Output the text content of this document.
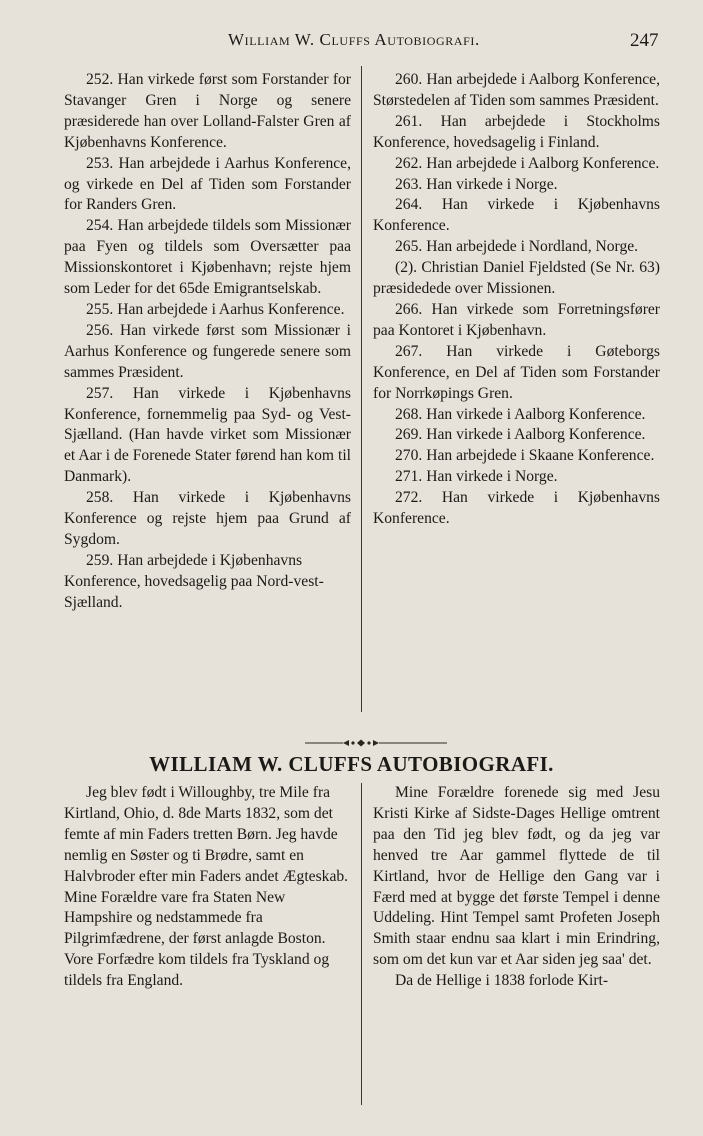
William W. Cluffs Autobiografi.	247

252. Han virkede først som Forstander for Stavanger Gren i Norge og senere præsiderede han over Lolland-Falster Gren af Kjøbenhavns Konference.

253. Han arbejdede i Aarhus Konference, og virkede en Del af Tiden som Forstander for Randers Gren.

254. Han arbejdede tildels som Missionær paa Fyen og tildels som Oversætter paa Missionskontoret i Kjøbenhavn; rejste hjem som Leder for det 65de Emigrantselskab.

255. Han arbejdede i Aarhus Konference.

256. Han virkede først som Missionær i Aarhus Konference og fungerede senere som sammes Præsident.

257. Han virkede i Kjøbenhavns Konference, fornemmelig paa Syd- og Vest-Sjælland. (Han havde virket som Missionær et Aar i de Forenede Stater førend han kom til Danmark).

258. Han virkede i Kjøbenhavns Konference og rejste hjem paa Grund af Sygdom.

259. Han arbejdede i Kjøbenhavns Konference, hovedsagelig paa Nord-vest-Sjælland.

260. Han arbejdede i Aalborg Konference, Størstedelen af Tiden som sammes Præsident.

261. Han arbejdede i Stockholms Konference, hovedsagelig i Finland.

262. Han arbejdede i Aalborg Konference.

263. Han virkede i Norge.

264. Han virkede i Kjøbenhavns Konference.

265. Han arbejdede i Nordland, Norge.

(2). Christian Daniel Fjeldsted (Se Nr. 63) præsidedede over Missionen.

266. Han virkede som Forretningsfører paa Kontoret i Kjøbenhavn.

267. Han virkede i Gøteborgs Konference, en Del af Tiden som Forstander for Norrkøpings Gren.

268. Han virkede i Aalborg Konference.

269. Han virkede i Aalborg Konference.

270. Han arbejdede i Skaane Konference.

271. Han virkede i Norge.

272. Han virkede i Kjøbenhavns Konference.

WILLIAM W. CLUFFS AUTOBIOGRAFI.

Jeg blev født i Willoughby, tre Mile fra Kirtland, Ohio, d. 8de Marts 1832, som det femte af min Faders tretten Børn. Jeg havde nemlig en Søster og ti Brødre, samt en Halvbroder efter min Faders andet Ægteskab. Mine Forældre vare fra Staten New Hampshire og nedstammede fra Pilgrimfædrene, der først anlagde Boston. Vore Forfædre kom tildels fra Tyskland og tildels fra England.

Mine Forældre forenede sig med Jesu Kristi Kirke af Sidste-Dages Hellige omtrent paa den Tid jeg blev født, og da jeg var henved tre Aar gammel flyttede de til Kirtland, hvor de Hellige den Gang var i Færd med at bygge det første Tempel i denne Uddeling. Hint Tempel samt Profeten Joseph Smith staar endnu saa klart i min Erindring, som om det kun var et Aar siden jeg saa' det.

Da de Hellige i 1838 forlode Kirt-
